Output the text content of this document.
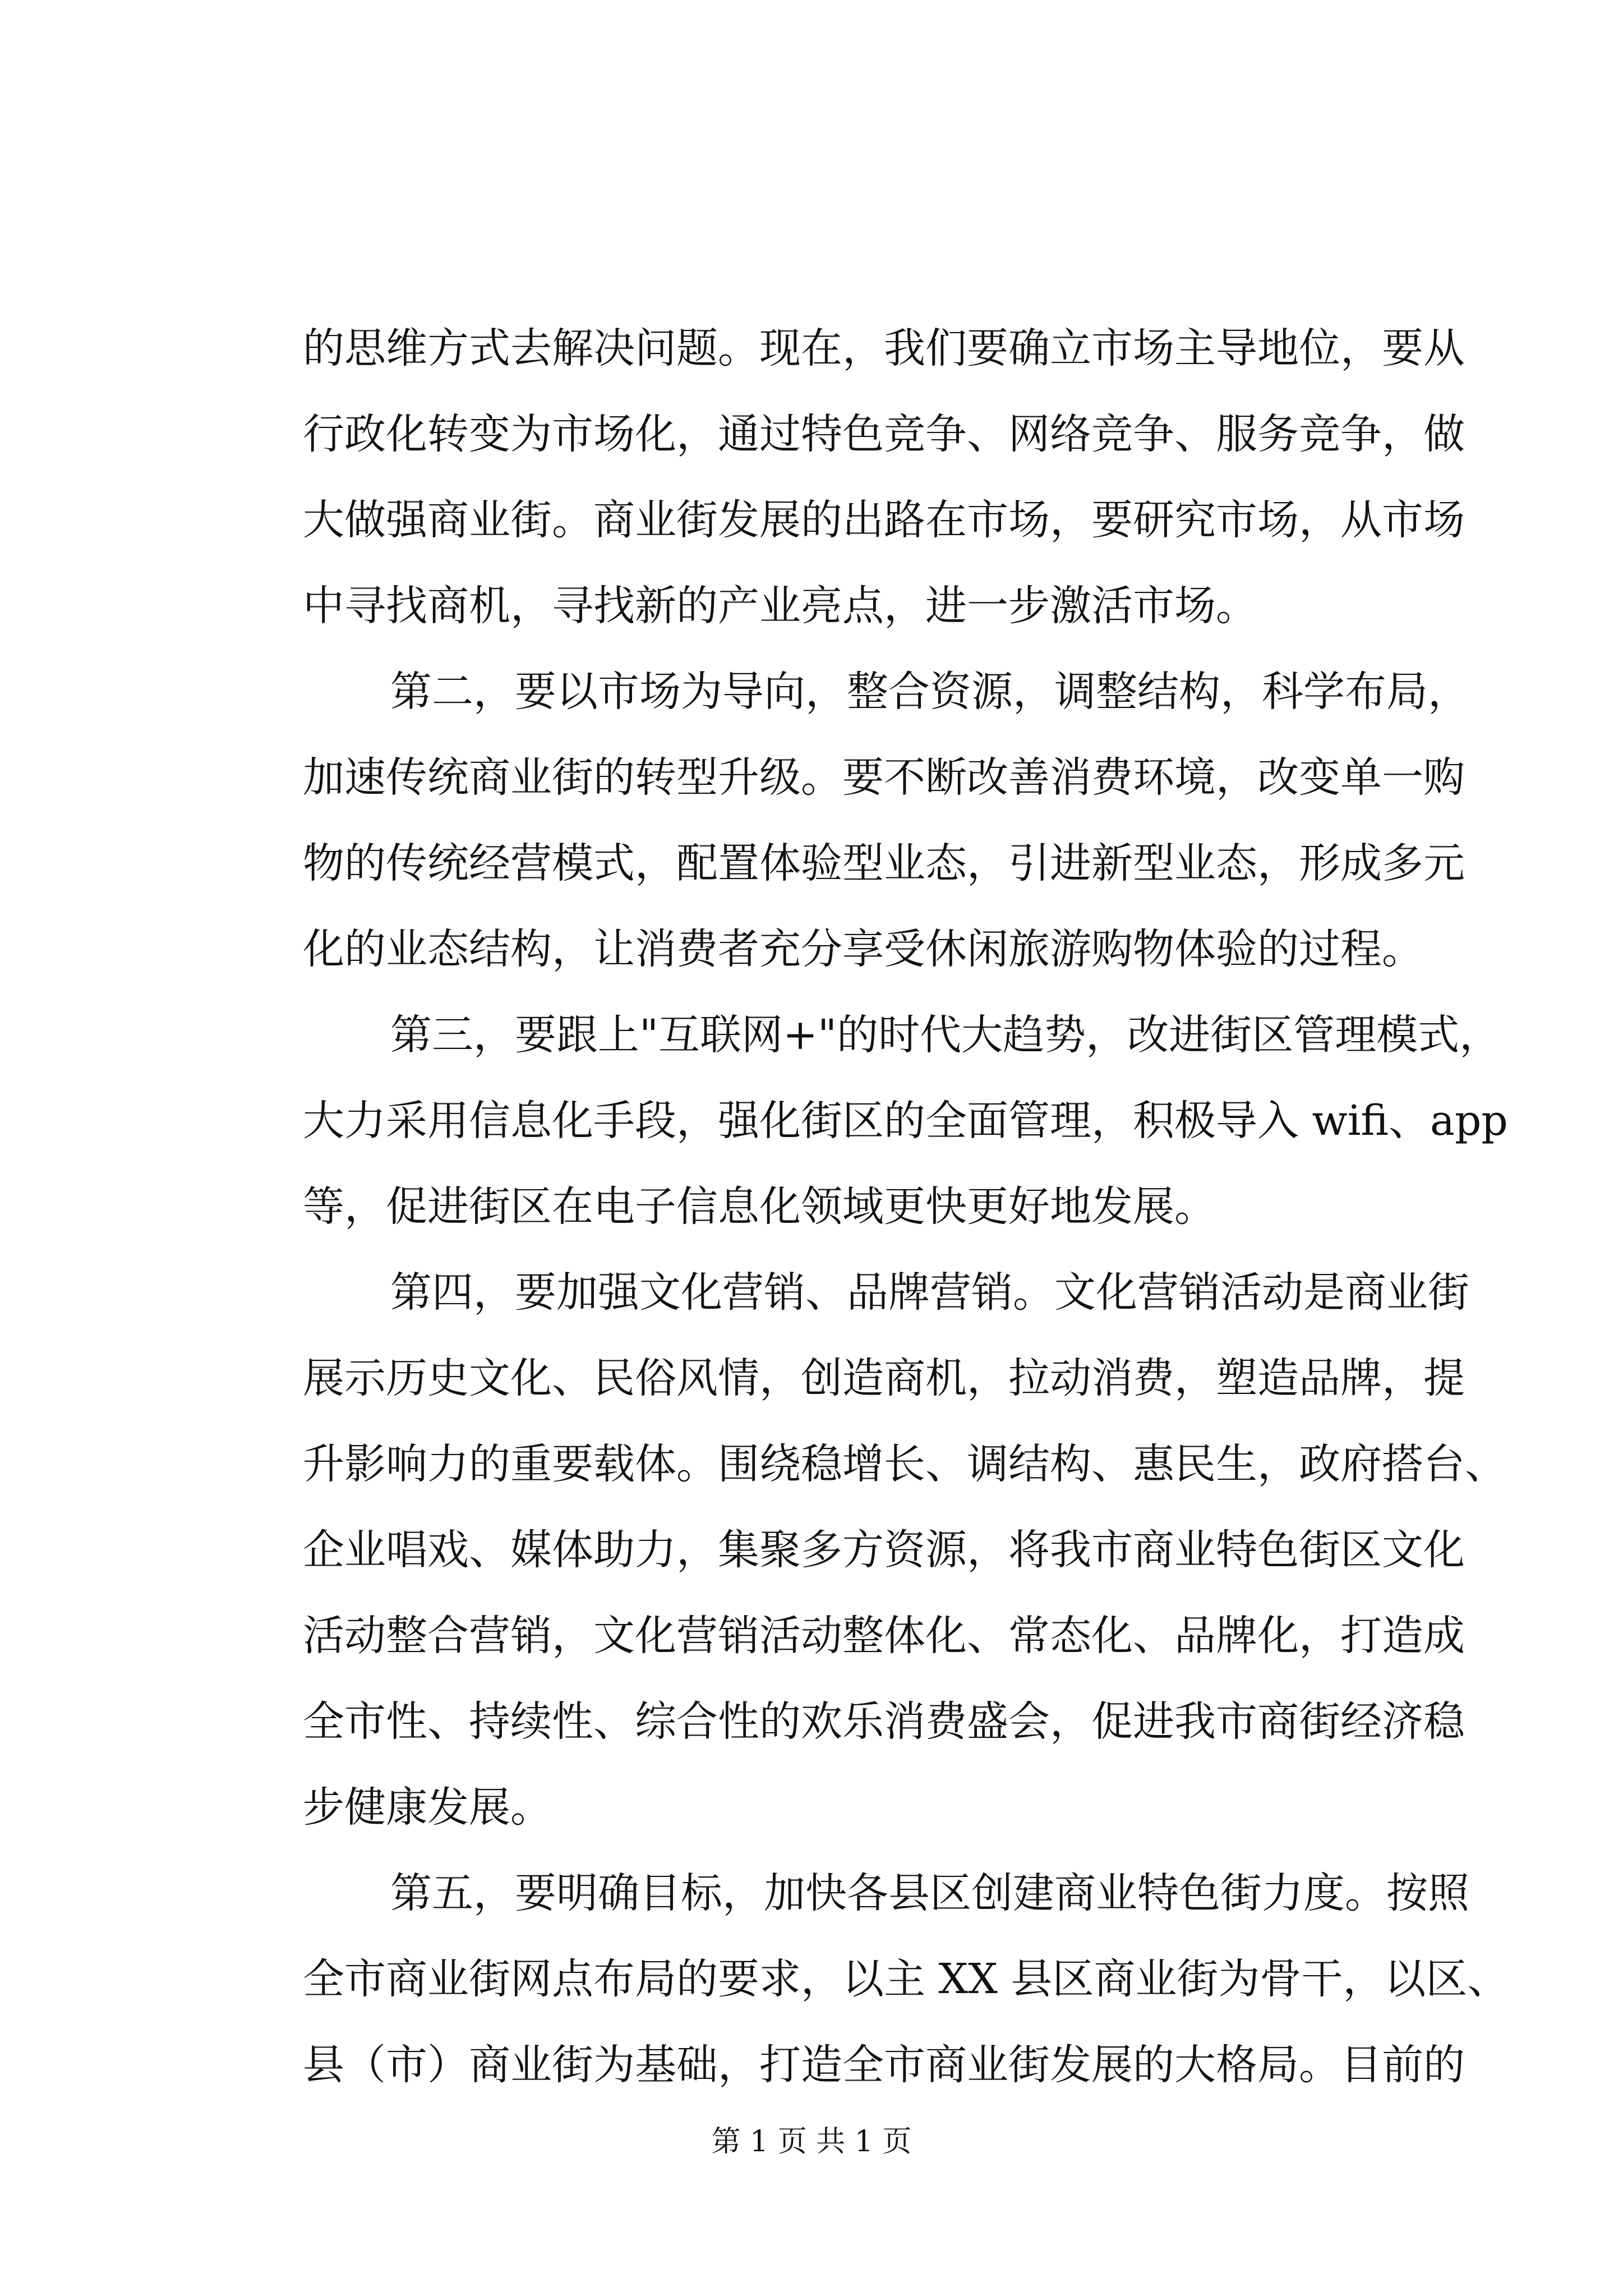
的思维方式去解决问题。现在，我们要确立市场主导地位，要从
行政化转变为市场化，通过特色竞争、网络竞争、服务竞争，做
大做强商业街。商业街发展的出路在市场，要研究市场，从市场
中寻找商机，寻找新的产业亮点，进一步激活市场。
第二，要以市场为导向，整合资源，调整结构，科学布局，
加速传统商业街的转型升级。要不断改善消费环境，改变单一购
物的传统经营模式，配置体验型业态，引进新型业态，形成多元
化的业态结构，让消费者充分享受休闲旅游购物体验的过程。
第三，要跟上"互联网+"的时代大趋势，改进街区管理模式，
大力采用信息化手段，强化街区的全面管理，积极导入 wifi、app
等，促进街区在电子信息化领域更快更好地发展。
第四，要加强文化营销、品牌营销。文化营销活动是商业街
展示历史文化、民俗风情，创造商机，拉动消费，塑造品牌，提
升影响力的重要载体。围绕稳增长、调结构、惠民生，政府搭台、
企业唱戏、媒体助力，集聚多方资源，将我市商业特色街区文化
活动整合营销，文化营销活动整体化、常态化、品牌化，打造成
全市性、持续性、综合性的欢乐消费盛会，促进我市商街经济稳
步健康发展。
第五，要明确目标，加快各县区创建商业特色街力度。按照
全市商业街网点布局的要求，以主 XX 县区商业街为骨干，以区、
县（市）商业街为基础，打造全市商业街发展的大格局。目前的
第 1 页 共 1 页
